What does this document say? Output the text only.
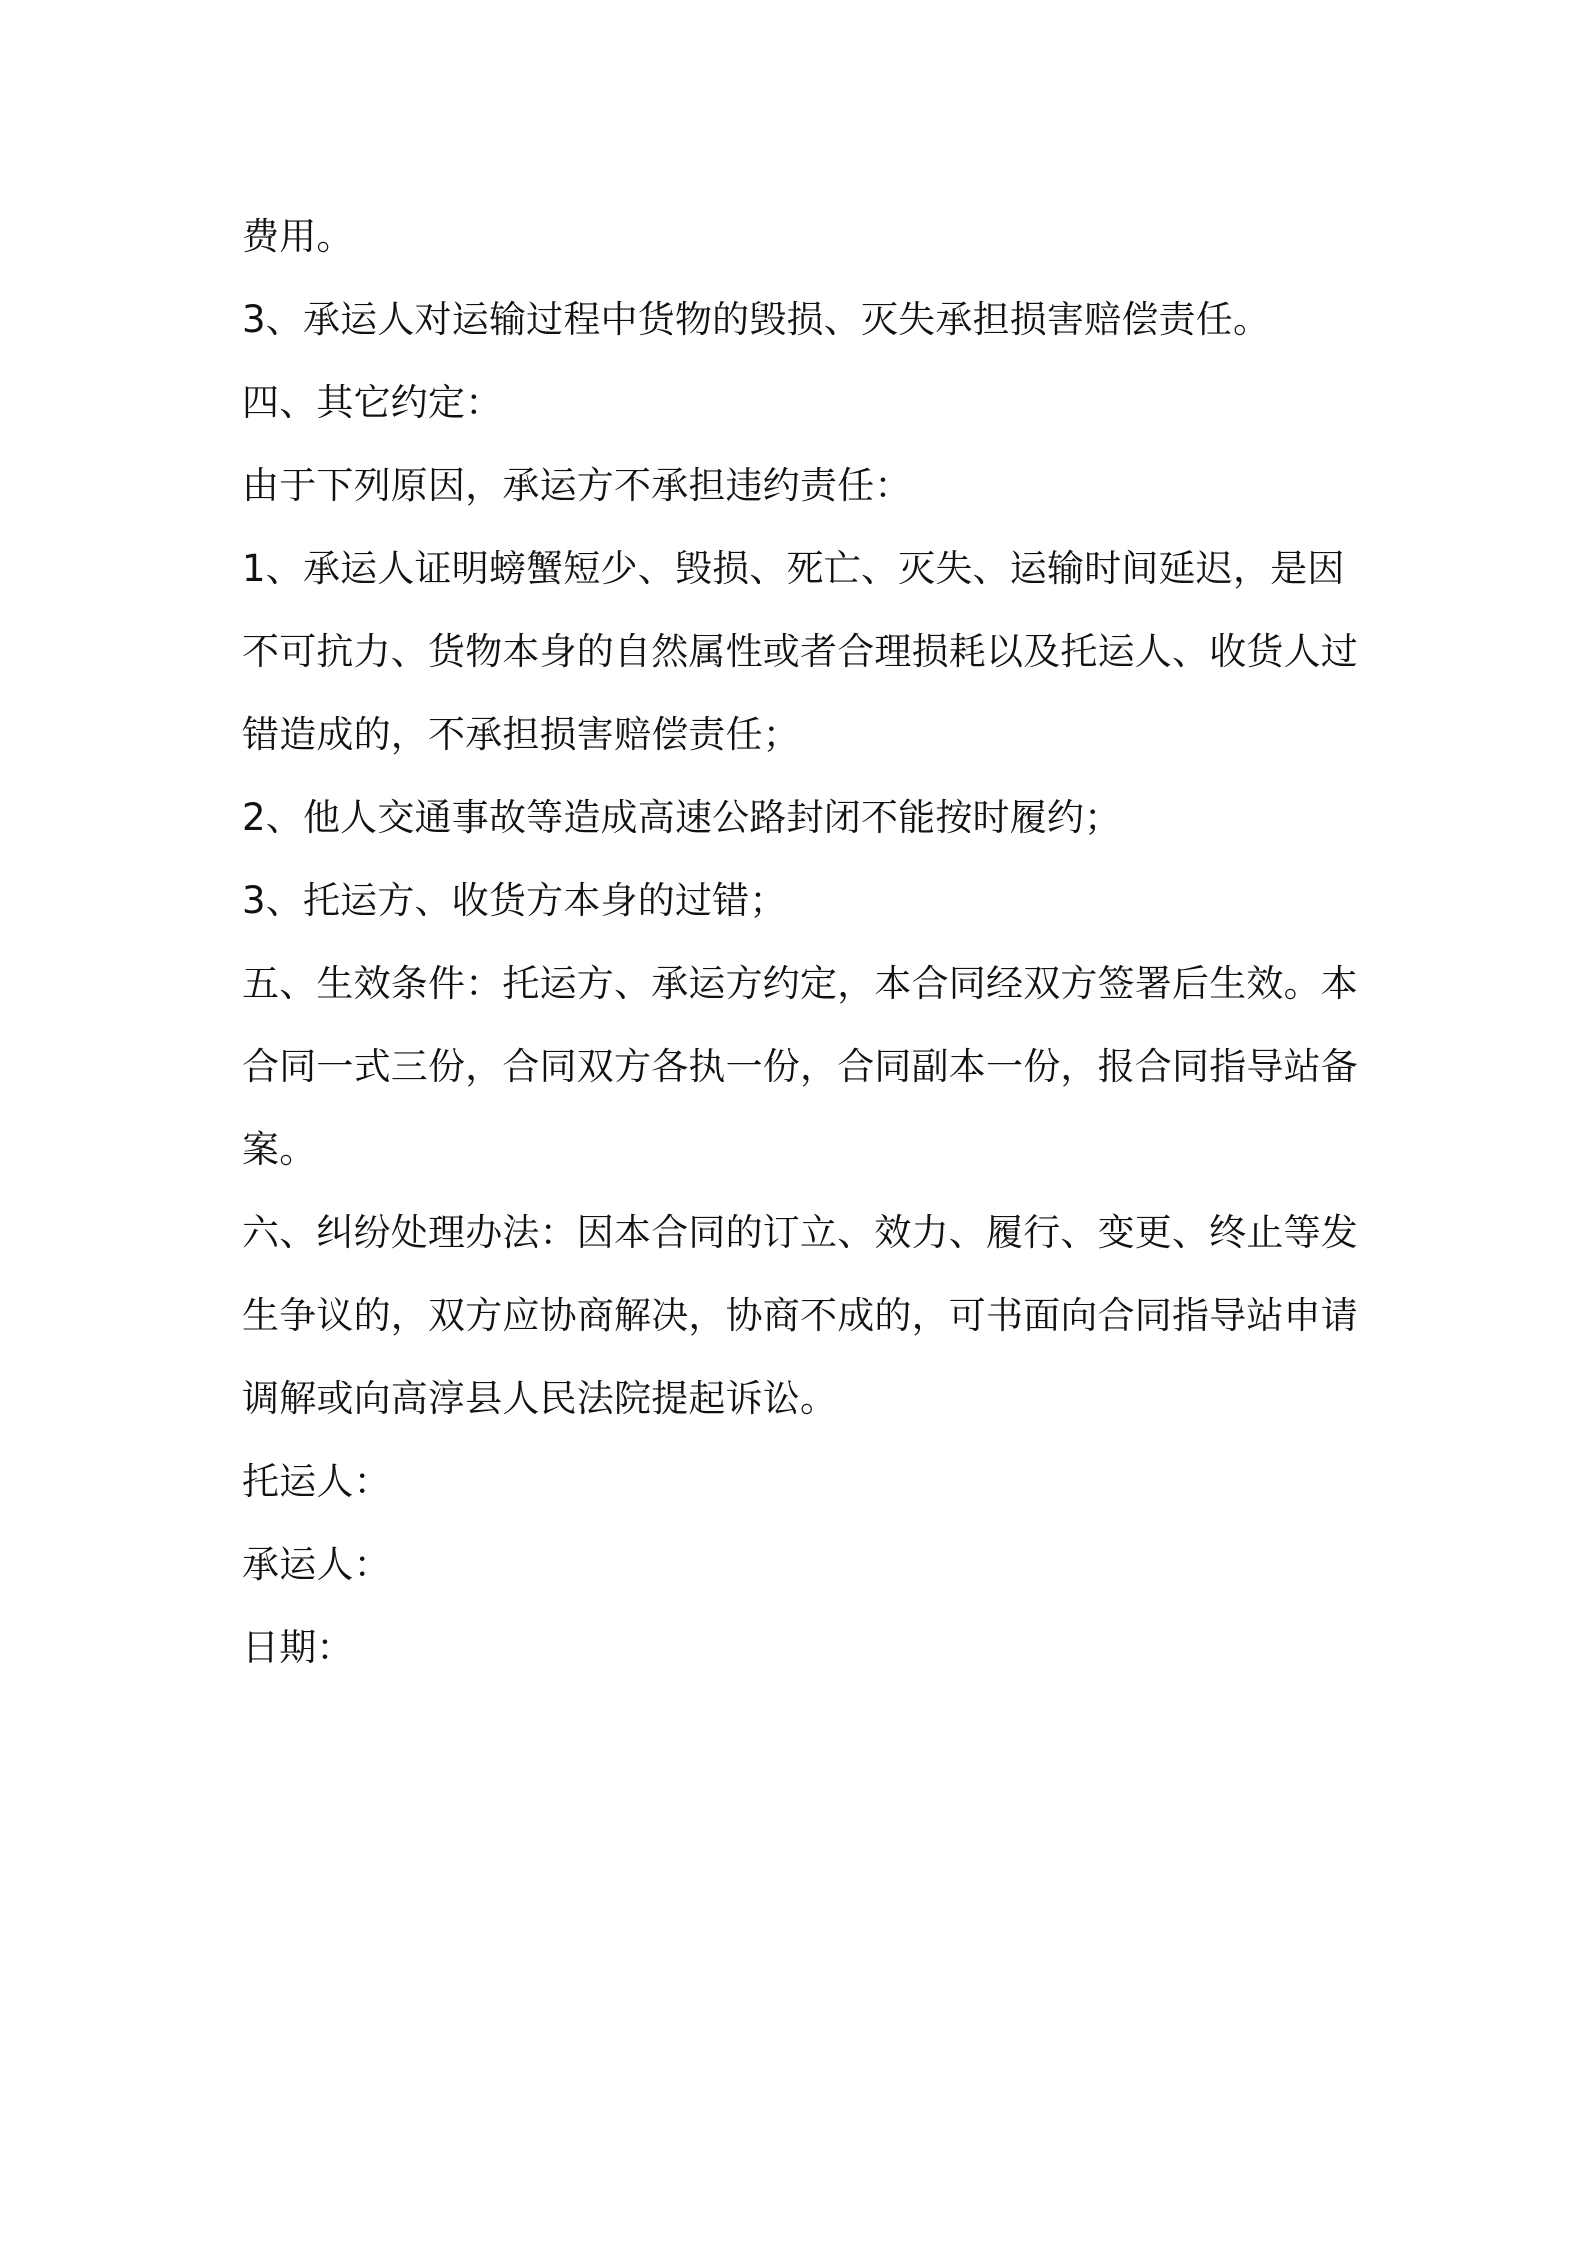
费用。
3、承运人对运输过程中货物的毁损、灭失承担损害赔偿责任。
四、其它约定：
由于下列原因，承运方不承担违约责任：
1、承运人证明螃蟹短少、毁损、死亡、灭失、运输时间延迟，是因
不可抗力、货物本身的自然属性或者合理损耗以及托运人、收货人过
错造成的，不承担损害赔偿责任；
2、他人交通事故等造成高速公路封闭不能按时履约；
3、托运方、收货方本身的过错；
五、生效条件：托运方、承运方约定，本合同经双方签署后生效。本
合同一式三份，合同双方各执一份，合同副本一份，报合同指导站备
案。
六、纠纷处理办法：因本合同的订立、效力、履行、变更、终止等发
生争议的，双方应协商解决，协商不成的，可书面向合同指导站申请
调解或向高淳县人民法院提起诉讼。
托运人：
承运人：
日期：
